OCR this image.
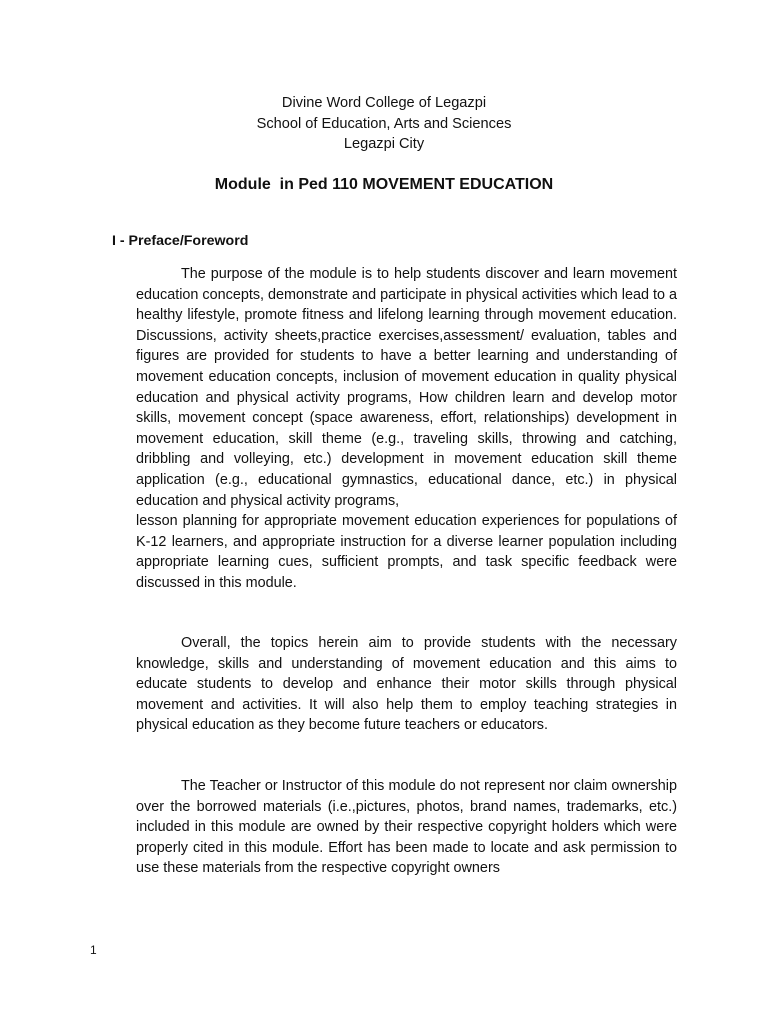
Divine Word College of Legazpi
School of Education, Arts and Sciences
Legazpi City
Module  in Ped 110 MOVEMENT EDUCATION
I - Preface/Foreword

The purpose of the module is to help students discover and learn movement education concepts, demonstrate and participate in physical activities which lead to a healthy lifestyle, promote fitness and lifelong learning through movement education. Discussions, activity sheets,practice exercises,assessment/ evaluation, tables and figures are provided for students to have a better learning and understanding of movement education concepts, inclusion of movement education in quality physical education and physical activity programs, How children learn and develop motor skills, movement concept (space awareness, effort, relationships) development in movement education, skill theme (e.g., traveling skills, throwing and catching, dribbling and volleying, etc.) development in movement education skill theme application (e.g., educational gymnastics, educational dance, etc.) in physical education and physical activity programs,

lesson planning for appropriate movement education experiences for populations of K-12 learners, and appropriate instruction for a diverse learner population including appropriate learning cues, sufficient prompts, and task specific feedback were discussed in this module.

Overall, the topics herein aim to provide students with the necessary knowledge, skills and understanding of movement education and this aims to educate students to develop and enhance their motor skills through physical movement and activities. It will also help them to employ teaching strategies in physical education as they become future teachers or educators.

The Teacher or Instructor of this module do not represent nor claim ownership over the borrowed materials (i.e.,pictures, photos, brand names, trademarks, etc.) included in this module are owned by their respective copyright holders which were properly cited in this module. Effort has been made to locate and ask permission to use these materials from the respective copyright owners

1
